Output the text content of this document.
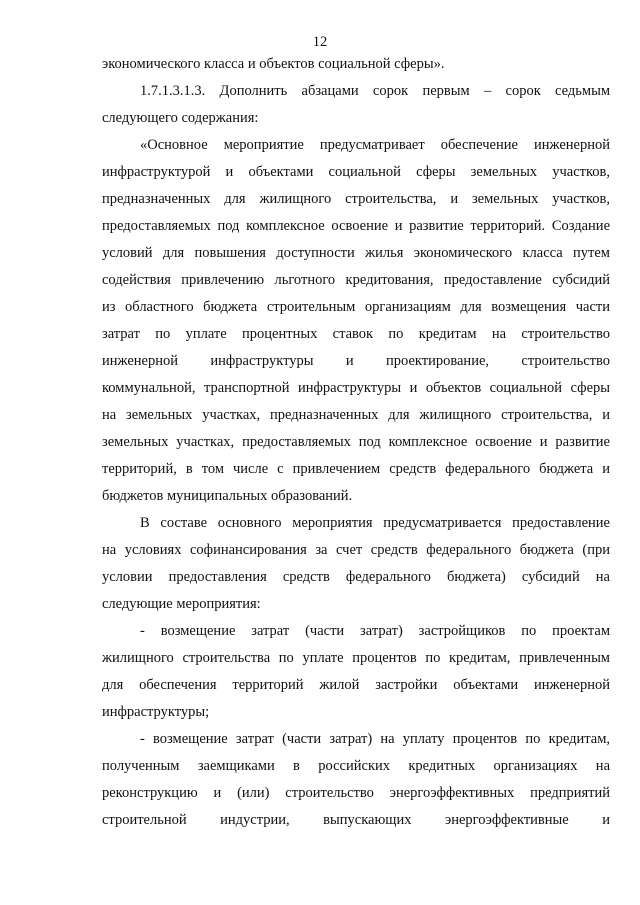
12
экономического класса и объектов социальной сферы».
1.7.1.3.1.3. Дополнить абзацами сорок первым – сорок седьмым
следующего содержания:
«Основное мероприятие предусматривает обеспечение инженерной
инфраструктурой и объектами социальной сферы земельных участков,
предназначенных для жилищного строительства, и земельных участков,
предоставляемых под комплексное освоение и развитие территорий. Создание
условий для повышения доступности жилья экономического класса путем
содействия привлечению льготного кредитования, предоставление субсидий
из областного бюджета строительным организациям для возмещения части
затрат по уплате процентных ставок по кредитам на строительство
инженерной инфраструктуры и проектирование, строительство
коммунальной, транспортной инфраструктуры и объектов социальной сферы
на земельных участках, предназначенных для жилищного строительства, и
земельных участках, предоставляемых под комплексное освоение и развитие
территорий, в том числе с привлечением средств федерального бюджета и
бюджетов муниципальных образований.
В составе основного мероприятия предусматривается предоставление
на условиях софинансирования за счет средств федерального бюджета (при
условии предоставления средств федерального бюджета) субсидий на
следующие мероприятия:
- возмещение затрат (части затрат) застройщиков по проектам
жилищного строительства по уплате процентов по кредитам, привлеченным
для обеспечения территорий жилой застройки объектами инженерной
инфраструктуры;
- возмещение затрат (части затрат) на уплату процентов по кредитам,
полученным заемщиками в российских кредитных организациях на
реконструкцию и (или) строительство энергоэффективных предприятий
строительной индустрии, выпускающих энергоэффективные и
